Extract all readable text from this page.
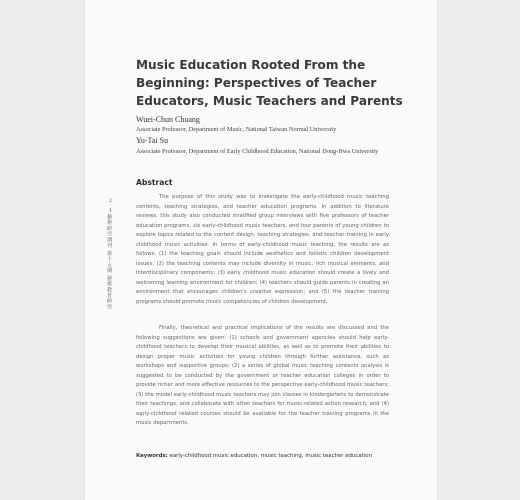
Music Education Rooted From the Beginning: Perspectives of Teacher Educators, Music Teachers and Parents
Wuei-Chun Chuang
Associate Professor, Department of Music, National Taiwan Normal University
Yu-Tai Su
Associate Professor, Department of Early Childhood Education, National Dong-Hwa University
Abstract

The purpose of this study was to investigate the early-childhood music teaching contents, teaching strategies, and teacher education programs. In addition to literature reviews, this study also conducted stratified group interviews with five professors of teacher education programs, six early-childhood music teachers, and four parents of young children to explore topics related to the content design, teaching strategies, and teacher training in early childhood music activities. In terms of early-childhood music teaching, the results are as follows: (1) the teaching goals should include aesthetics and holistic children development issues; (2) the teaching contents may include diversity in music, rich musical elements, and interdisciplinary components; (3) early childhood music education should create a lively and welcoming learning environment for children; (4) teachers should guide parents in creating an environment that encourages children's creative expression; and (5) the teacher training programs should promote music competencies of children development.

Finally, theoretical and practical implications of the results are discussed and the following suggestions are given: (1) schools and government agencies should help early-childhood teachers to develop their musical abilities, as well as to promote their abilities to design proper music activities for young children through further assistance, such as workshops and supportive groups; (2) a series of global music teaching contents analysis is suggested to be conducted by the government or teacher education colleges in order to provide richer and more effective resources to the perspective early-childhood music teachers; (3) the model early-childhood music teachers may join classes in kindergartens to demonstrate their teachings, and collaborate with other teachers for music-related action research; and (4) early-childhood related courses should be available for the teacher training programs in the music departments.

Keywords: early-childhood music education, music teaching, music teacher education
2
藝術研究期刊 第十五期 藝術教育研究
